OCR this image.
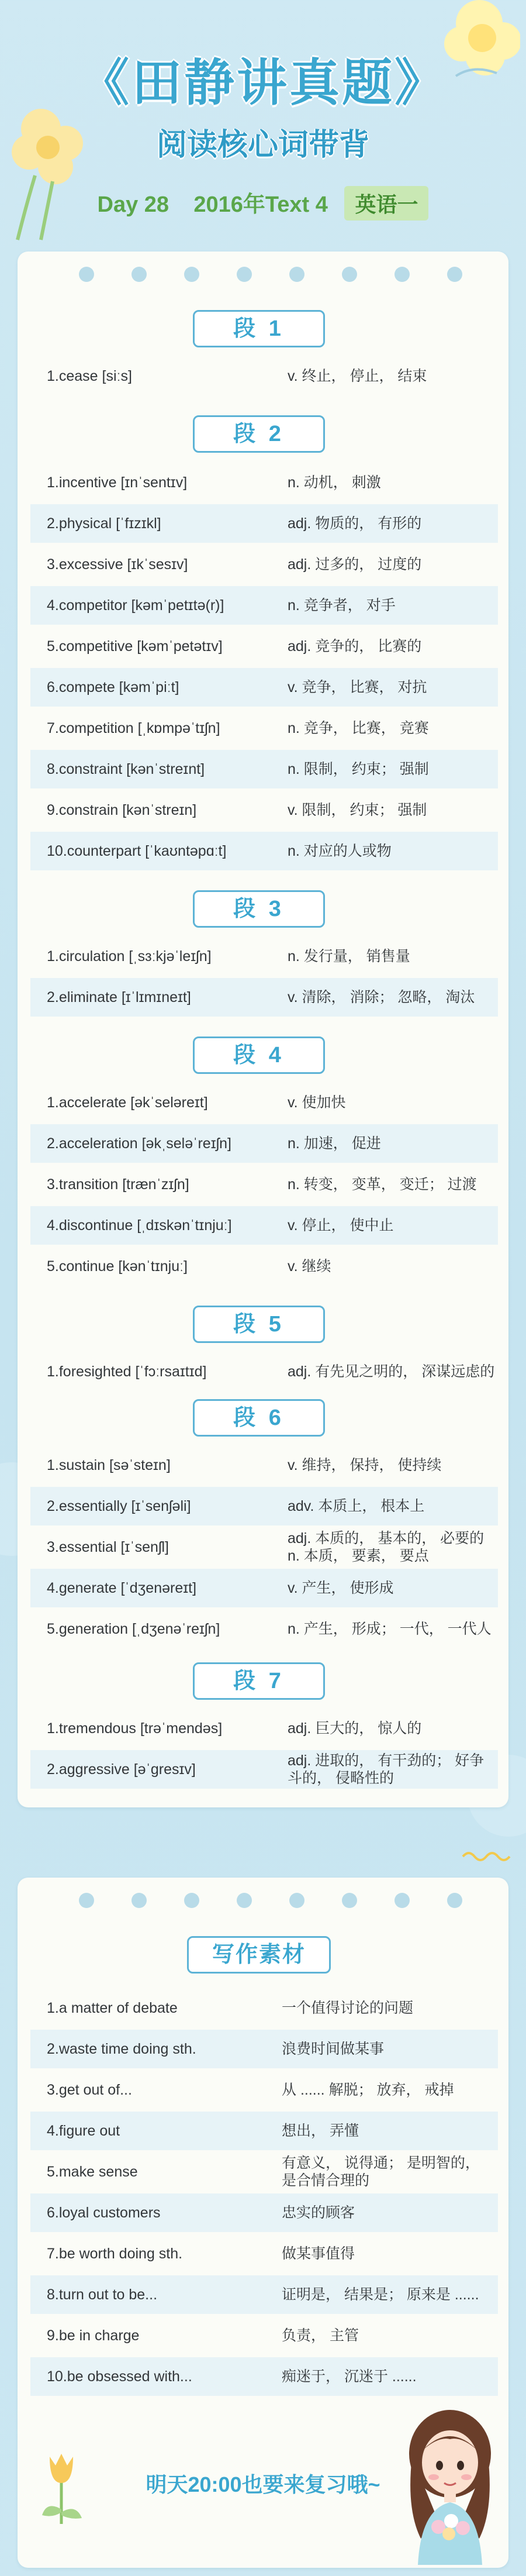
《田静讲真题》
阅读核心词带背
Day 28 2016年Text 4 英语一
段 1
1.cease [siːs]	v. 终止， 停止， 结束
段 2
1.incentive [ɪnˈsentɪv]	n. 动机， 刺激
2.physical [ˈfɪzɪkl]	adj. 物质的， 有形的
3.excessive [ɪkˈsesɪv]	adj. 过多的， 过度的
4.competitor [kəmˈpetɪtə(r)]	n. 竞争者， 对手
5.competitive [kəmˈpetətɪv]	adj. 竞争的， 比赛的
6.compete [kəmˈpiːt]	v. 竞争， 比赛， 对抗
7.competition [ˌkɒmpəˈtɪʃn]	n. 竞争， 比赛， 竞赛
8.constraint [kənˈstreɪnt]	n. 限制， 约束； 强制
9.constrain [kənˈstreɪn]	v. 限制， 约束； 强制
10.counterpart [ˈkaʊntəpɑːt]	n. 对应的人或物
段 3
1.circulation [ˌsɜːkjəˈleɪʃn]	n. 发行量， 销售量
2.eliminate [ɪˈlɪmɪneɪt]	v. 清除， 消除； 忽略， 淘汰
段 4
1.accelerate [əkˈseləreɪt]	v. 使加快
2.acceleration [əkˌseləˈreɪʃn]	n. 加速， 促进
3.transition [trænˈzɪʃn]	n. 转变， 变革， 变迁； 过渡
4.discontinue [ˌdɪskənˈtɪnjuː]	v. 停止， 使中止
5.continue [kənˈtɪnjuː]	v. 继续
段 5
1.foresighted [ˈfɔːrsaɪtɪd]	adj. 有先见之明的， 深谋远虑的
段 6
1.sustain [səˈsteɪn]	v. 维持， 保持， 使持续
2.essentially [ɪˈsenʃəli]	adv. 本质上， 根本上
3.essential [ɪˈsenʃl]
adj. 本质的， 基本的， 必要的 n. 本质， 要素， 要点
4.generate [ˈdʒenəreɪt]	v. 产生， 使形成
5.generation [ˌdʒenəˈreɪʃn]	n. 产生， 形成； 一代， 一代人
段 7
1.tremendous [trəˈmendəs]	adj. 巨大的， 惊人的
2.aggressive [əˈgresɪv]
adj. 进取的， 有干劲的； 好争斗的， 侵略性的
写作素材
1.a matter of debate	一个值得讨论的问题
2.waste time doing sth.	浪费时间做某事
3.get out of...	从 ...... 解脱； 放弃， 戒掉
4.figure out	想出， 弄懂
5.make sense
有意义， 说得通； 是明智的， 是合情合理的
6.loyal customers	忠实的顾客
7.be worth doing sth.	做某事值得
8.turn out to be...	证明是， 结果是； 原来是 ......
9.be in charge	负责， 主管
10.be obsessed with...	痴迷于， 沉迷于 ......
明天20:00也要来复习哦~
